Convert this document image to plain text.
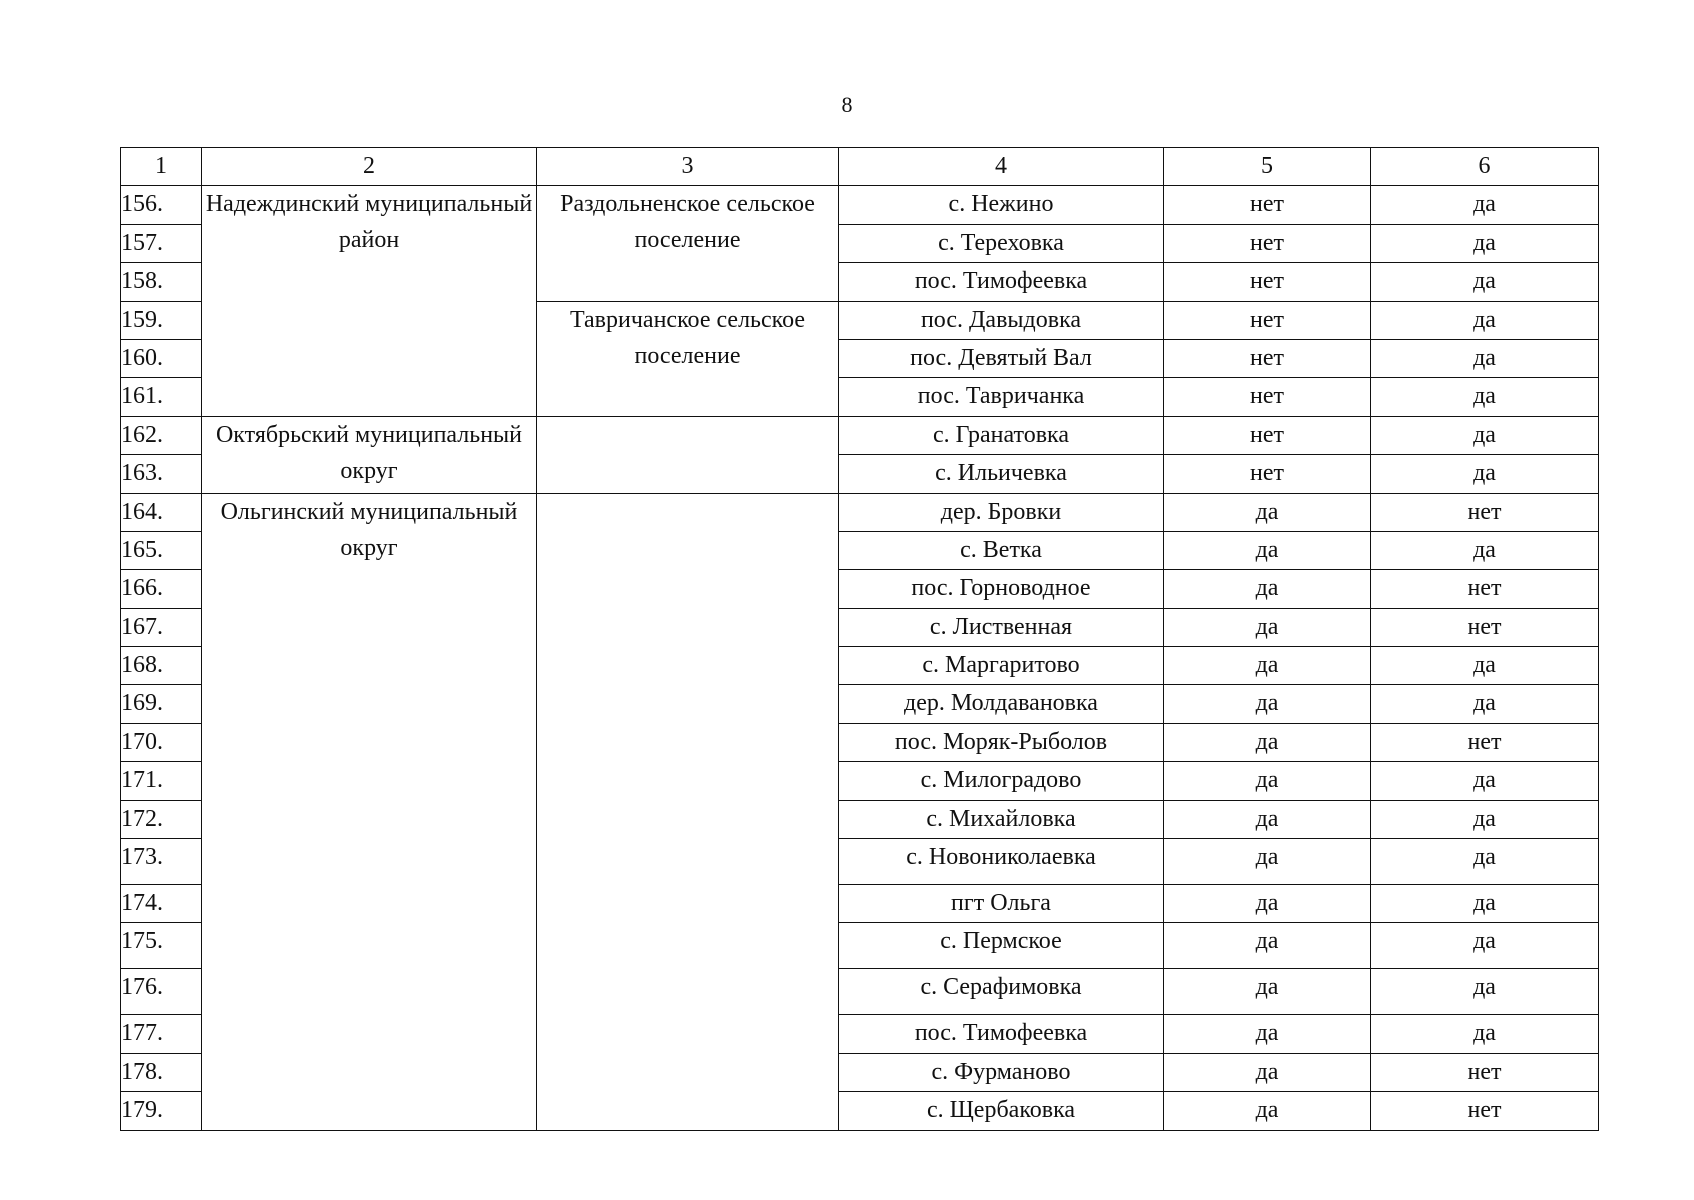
8
1	2	3	4	5	6
156.	Надеждинский муниципальный район	Раздольненское сельское поселение	с. Нежино	нет	да
157.			с. Тереховка	нет	да
158.			пос. Тимофеевка	нет	да
159.		Тавричанское сельское поселение	пос. Давыдовка	нет	да
160.			пос. Девятый Вал	нет	да
161.			пос. Тавричанка	нет	да
162.	Октябрьский муниципальный округ		с. Гранатовка	нет	да
163.			с. Ильичевка	нет	да
164.	Ольгинский муниципальный округ		дер. Бровки	да	нет
165.			с. Ветка	да	да
166.			пос. Горноводное	да	нет
167.			с. Лиственная	да	нет
168.			с. Маргаритово	да	да
169.			дер. Молдавановка	да	да
170.			пос. Моряк-Рыболов	да	нет
171.			с. Милоградово	да	да
172.			с. Михайловка	да	да
173.			с. Новониколаевка	да	да
174.			пгт Ольга	да	да
175.			с. Пермское	да	да
176.			с. Серафимовка	да	да
177.			пос. Тимофеевка	да	да
178.			с. Фурманово	да	нет
179.			с. Щербаковка	да	нет
